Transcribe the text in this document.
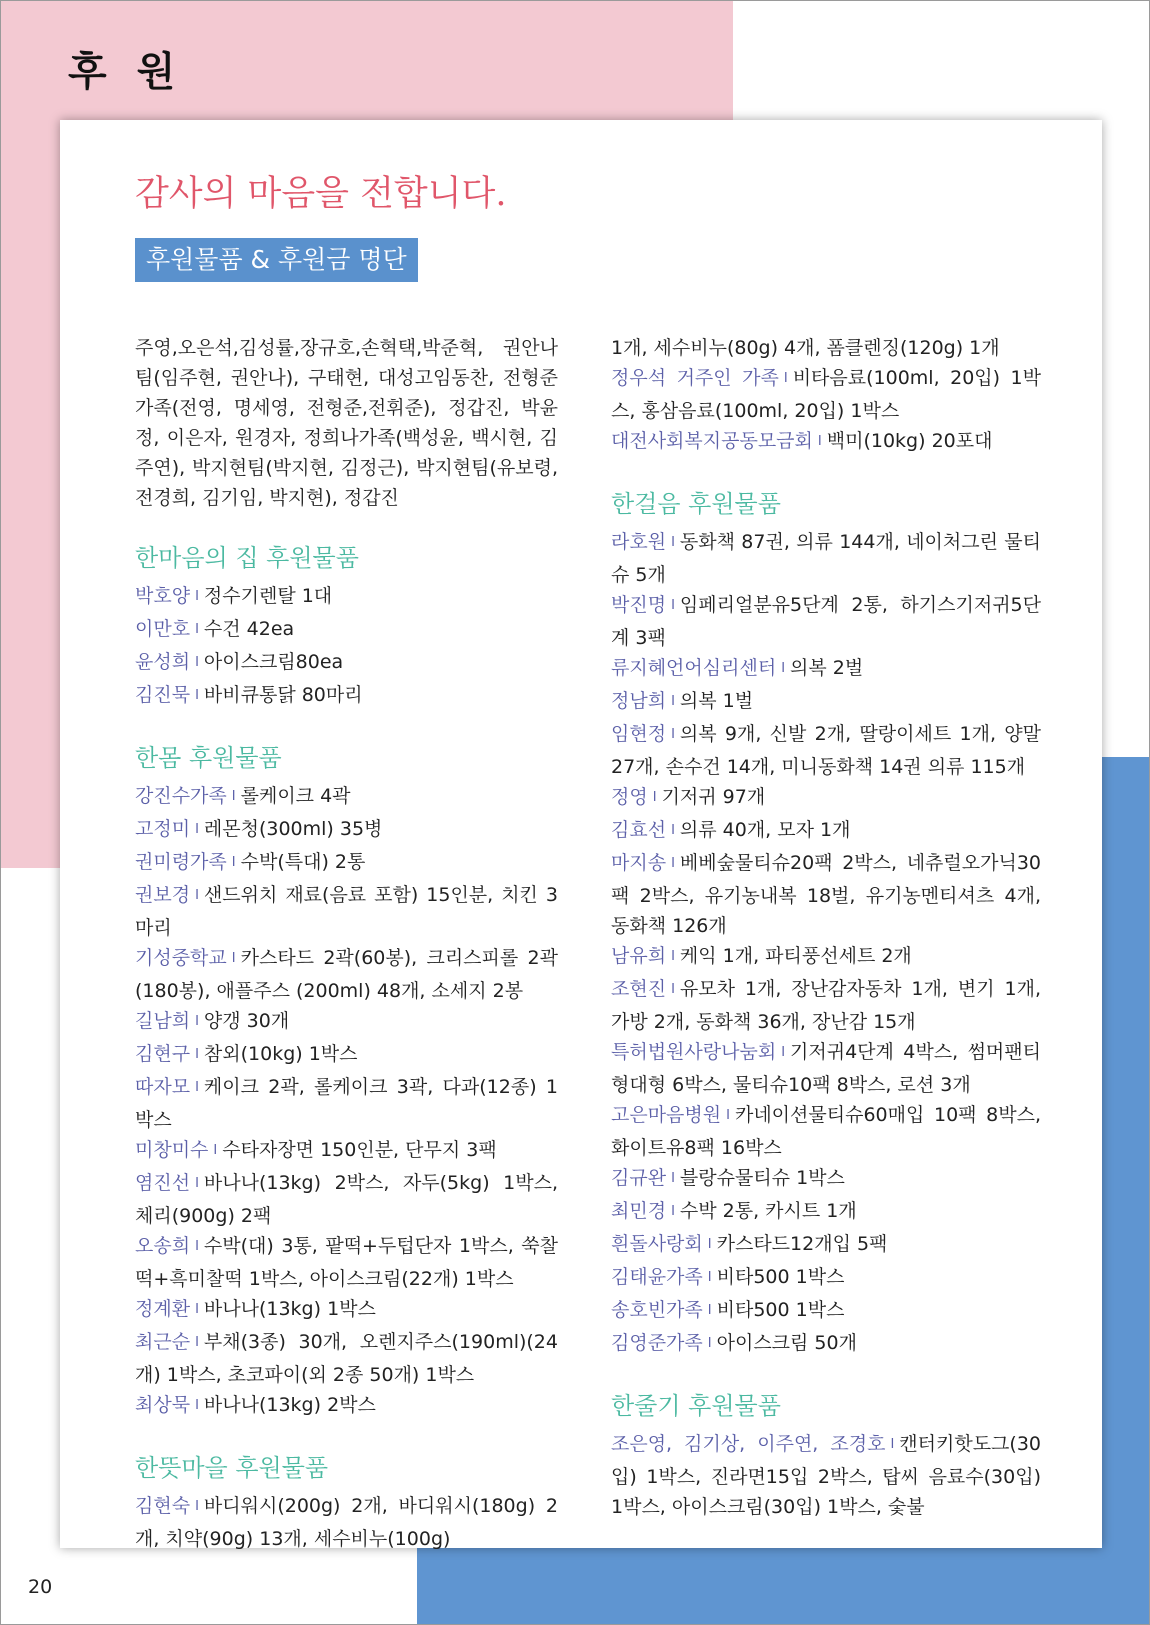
후 원
감사의 마음을 전합니다.
후원물품 & 후원금 명단

주영,오은석,김성률,장규호,손혁택,박준혁, 권안나팀(임주현, 권안나), 구태현, 대성고임동찬, 전형준가족(전영, 명세영, 전형준,전휘준), 정갑진, 박윤정, 이은자, 원경자, 정희나가족(백성윤, 백시현, 김주연), 박지현팀(박지현, 김정근), 박지현팀(유보령, 전경희, 김기임, 박지현), 정갑진

한마음의 집 후원물품

박호양 I 정수기렌탈 1대

이만호 I 수건 42ea

윤성희 I 아이스크림80ea

김진묵 I 바비큐통닭 80마리

한몸 후원물품

강진수가족 I 롤케이크 4곽

고정미 I 레몬청(300ml) 35병

권미령가족 I 수박(특대) 2통

권보경 I 샌드위치 재료(음료 포함) 15인분, 치킨 3마리

기성중학교 I 카스타드 2곽(60봉), 크리스피롤 2곽(180봉), 애플주스 (200ml) 48개, 소세지 2봉

길남희 I 양갱 30개

김현구 I 참외(10kg) 1박스

따자모 I 케이크 2곽, 롤케이크 3곽, 다과(12종) 1박스

미창미수 I 수타자장면 150인분, 단무지 3팩

염진선 I 바나나(13kg) 2박스, 자두(5kg) 1박스, 체리(900g) 2팩

오송희 I 수박(대) 3통, 팥떡+두텁단자 1박스, 쑥찰떡+흑미찰떡 1박스, 아이스크림(22개) 1박스

정계환 I 바나나(13kg) 1박스

최근순 I 부채(3종) 30개, 오렌지주스(190ml)(24개) 1박스, 초코파이(외 2종 50개) 1박스

최상묵 I 바나나(13kg) 2박스

한뜻마을 후원물품

김현숙 I 바디워시(200g) 2개, 바디워시(180g) 2개, 치약(90g) 13개, 세수비누(100g)

1개, 세수비누(80g) 4개, 폼클렌징(120g) 1개

정우석 거주인 가족 I 비타음료(100ml, 20입) 1박스, 홍삼음료(100ml, 20입) 1박스

대전사회복지공동모금회 I 백미(10kg) 20포대

한걸음 후원물품

라호원 I 동화책 87권, 의류 144개, 네이처그린 물티슈 5개

박진명 I 임페리얼분유5단계 2통, 하기스기저귀5단계 3팩

류지혜언어심리센터 I 의복 2벌

정남희 I 의복 1벌

임현정 I 의복 9개, 신발 2개, 딸랑이세트 1개, 양말 27개, 손수건 14개, 미니동화책 14권 의류 115개

정영 I 기저귀 97개

김효선 I 의류 40개, 모자 1개

마지송 I 베베숲물티슈20팩 2박스, 네츄럴오가닉30팩 2박스, 유기농내복 18벌, 유기농멘티셔츠 4개, 동화책 126개

남유희 I 케익 1개, 파티풍선세트 2개

조현진 I 유모차 1개, 장난감자동차 1개, 변기 1개, 가방 2개, 동화책 36개, 장난감 15개

특허법원사랑나눔회 I 기저귀4단계 4박스, 썸머팬티형대형 6박스, 물티슈10팩 8박스, 로션 3개

고은마음병원 I 카네이션물티슈60매입 10팩 8박스, 화이트유8팩 16박스

김규완 I 블랑슈물티슈 1박스

최민경 I 수박 2통, 카시트 1개

흰돌사랑회 I 카스타드12개입 5팩

김태윤가족 I 비타500 1박스

송호빈가족 I 비타500 1박스

김영준가족 I 아이스크림 50개

한줄기 후원물품

조은영, 김기상, 이주연, 조경호 I 캔터키핫도그(30입) 1박스, 진라면15입 2박스, 탑씨 음료수(30입) 1박스, 아이스크림(30입) 1박스, 숯불

20
